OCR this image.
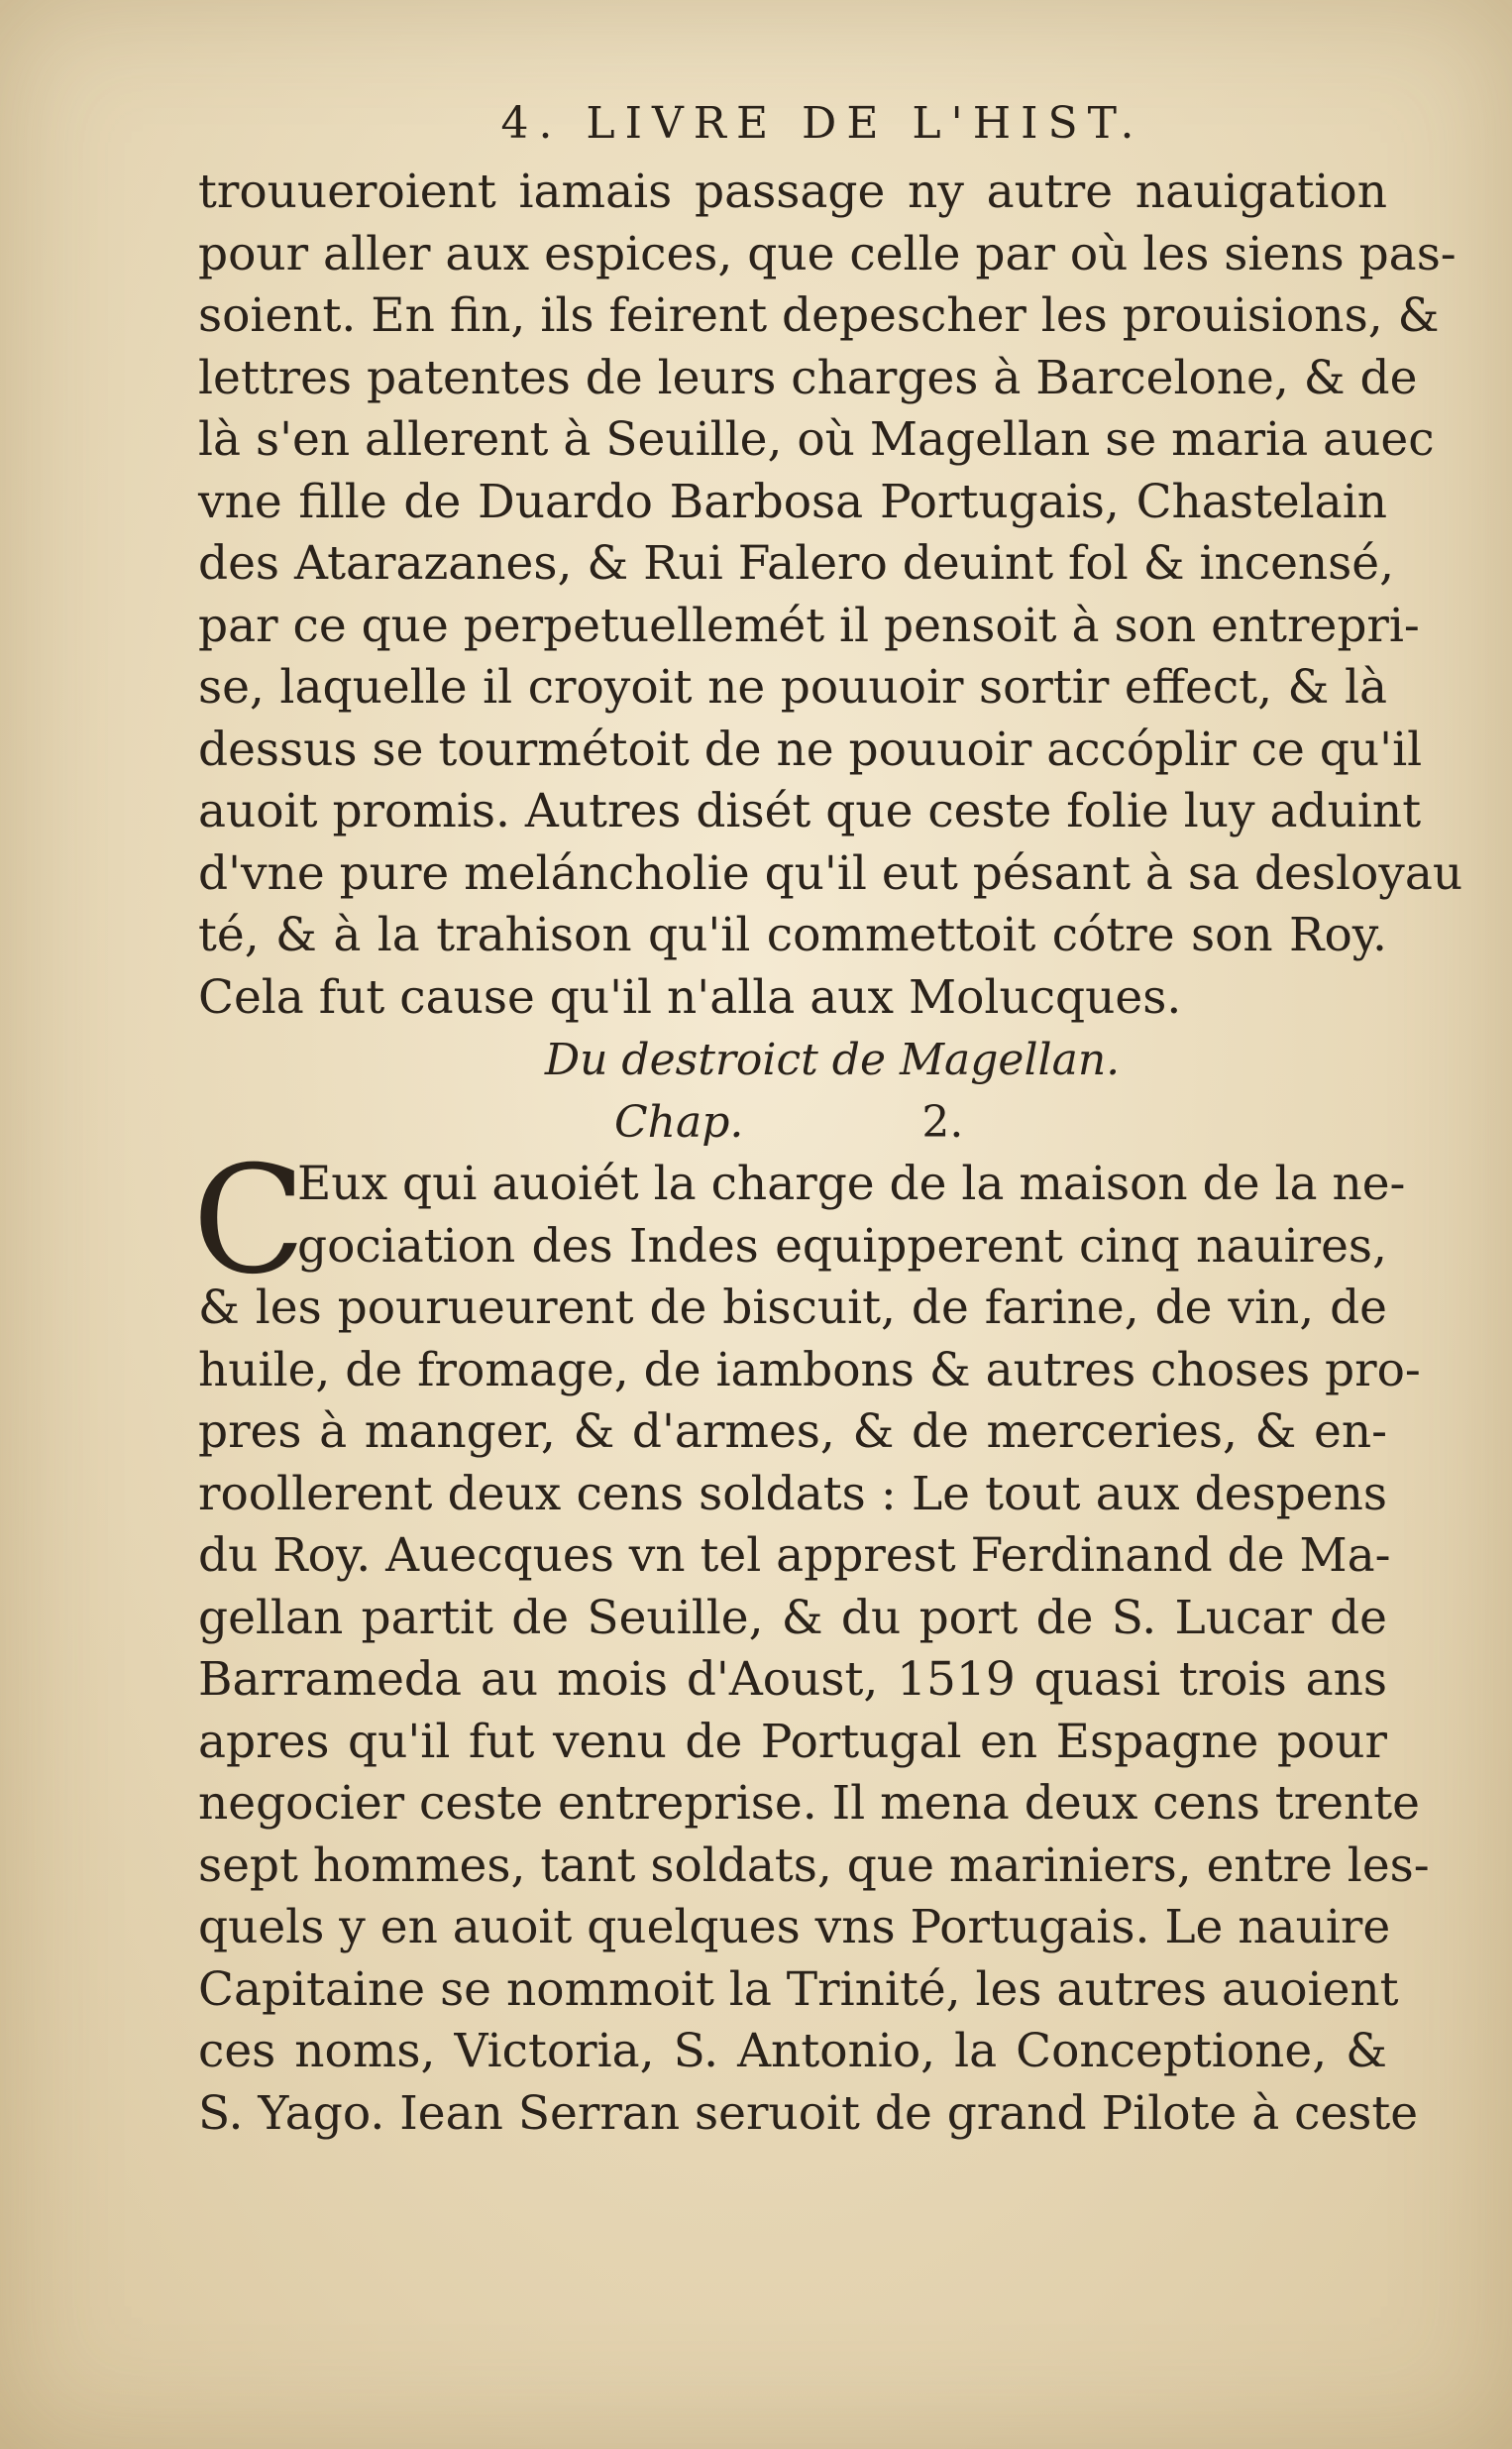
4. LIVRE DE L'HIST.
trouueroient iamais passage ny autre nauigation
pour aller aux espices, que celle par où les siens pas-
soient. En fin, ils feirent depescher les prouisions, &
lettres patentes de leurs charges à Barcelone, & de
là s'en allerent à Seuille, où Magellan se maria auec
vne fille de Duardo Barbosa Portugais, Chastelain
des Atarazanes, & Rui Falero deuint fol & incensé,
par ce que perpetuellemét il pensoit à son entrepri-
se, laquelle il croyoit ne pouuoir sortir effect, & là
dessus se tourmétoit de ne pouuoir accóplir ce qu'il
auoit promis. Autres disét que ceste folie luy aduint
d'vne pure meláncholie qu'il eut pésant à sa desloyau
té, & à la trahison qu'il commettoit cótre son Roy.
Cela fut cause qu'il n'alla aux Molucques.
Du destroict de Magellan.
Chap.	2.
C
Eux qui auoiét la charge de la maison de la ne-
gociation des Indes equipperent cinq nauires,
& les pourueurent de biscuit, de farine, de vin, de
huile, de fromage, de iambons & autres choses pro-
pres à manger, & d'armes, & de merceries, & en-
roollerent deux cens soldats : Le tout aux despens
du Roy. Auecques vn tel apprest Ferdinand de Ma-
gellan partit de Seuille, & du port de S. Lucar de
Barrameda au mois d'Aoust, 1519 quasi trois ans
apres qu'il fut venu de Portugal en Espagne pour
negocier ceste entreprise. Il mena deux cens trente
sept hommes, tant soldats, que mariniers, entre les-
quels y en auoit quelques vns Portugais. Le nauire
Capitaine se nommoit la Trinité, les autres auoient
ces noms, Victoria, S. Antonio, la Conceptione, &
S. Yago. Iean Serran seruoit de grand Pilote à ceste
